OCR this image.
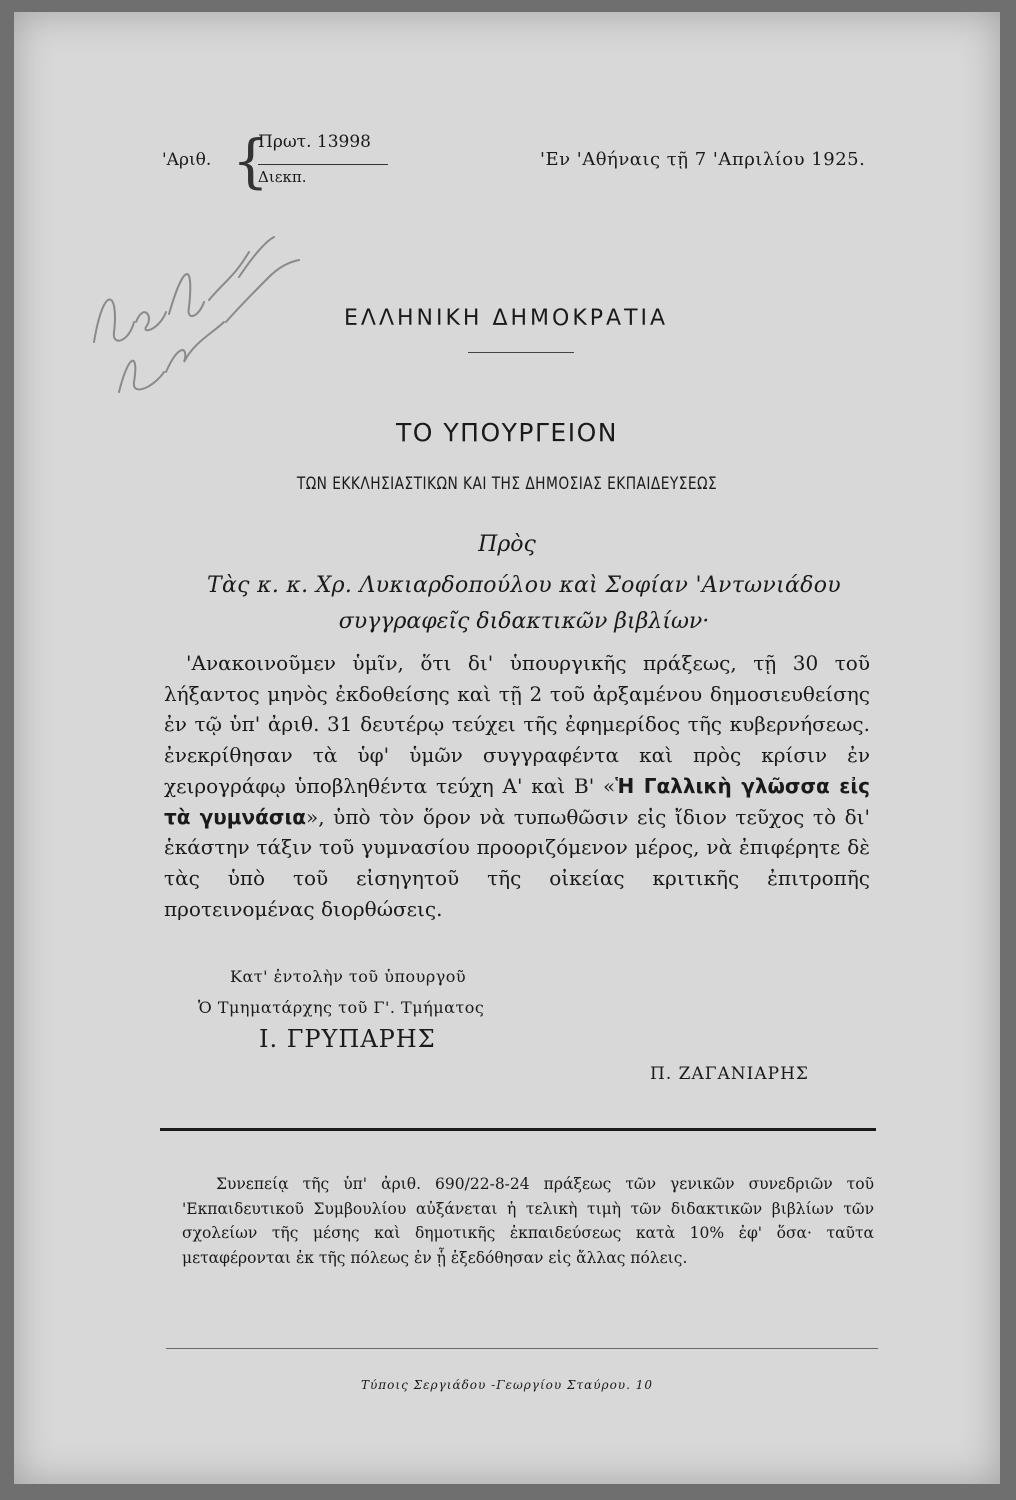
'Αριθ. {
Πρωτ. 13998
Διεκπ.
'Εν 'Αθήναις τῇ 7 'Απριλίου 1925.
ΕΛΛΗΝΙΚΗ ΔΗΜΟΚΡΑΤΙΑ
ΤΟ ΥΠΟΥΡΓΕΙΟΝ
ΤΩΝ ΕΚΚΛΗΣΙΑΣΤΙΚΩΝ ΚΑΙ ΤΗΣ ΔΗΜΟΣΙΑΣ ΕΚΠΑΙΔΕΥΣΕΩΣ
Πρὸς
Τὰς κ. κ. Χρ. Λυκιαρδοπούλου καὶ Σοφίαν 'Αντωνιάδου
συγγραφεῖς διδακτικῶν βιβλίων·

'Ανακοινοῦμεν ὑμῖν, ὅτι δι' ὑπουργικῆς πράξεως, τῇ 30 τοῦ λήξαντος μηνὸς ἐκδοθείσης καὶ τῇ 2 τοῦ ἀρξαμένου δημοσιευθείσης ἐν τῷ ὑπ' ἀριθ. 31 δευτέρῳ τεύχει τῆς ἐφημερίδος τῆς κυβερνήσεως. ἐνεκρίθησαν τὰ ὑφ' ὑμῶν συγγραφέντα καὶ πρὸς κρίσιν ἐν χειρογράφῳ ὑποβληθέντα τεύχη Α' καὶ Β' «Ἡ Γαλλικὴ γλῶσσα εἰς τὰ γυμνάσια», ὑπὸ τὸν ὅρον νὰ τυπωθῶσιν εἰς ἴδιον τεῦχος τὸ δι' ἑκάστην τάξιν τοῦ γυμνασίου προοριζόμενον μέρος, νὰ ἐπιφέρητε δὲ τὰς ὑπὸ τοῦ εἰσηγητοῦ τῆς οἰκείας κριτικῆς ἐπιτροπῆς προτεινομένας διορθώσεις.

Κατ' ἐντολὴν τοῦ ὑπουργοῦ
Ὁ Τμηματάρχης τοῦ Γ'. Τμήματος
Ι. ΓΡΥΠΑΡΗΣ
Π. ΖΑΓΑΝΙΑΡΗΣ

Συνεπείᾳ τῆς ὑπ' ἀριθ. 690/22-8-24 πράξεως τῶν γενικῶν συνεδριῶν τοῦ 'Εκπαιδευτικοῦ Συμβουλίου αὐξάνεται ἡ τελικὴ τιμὴ τῶν διδακτικῶν βιβλίων τῶν σχολείων τῆς μέσης καὶ δημοτικῆς ἐκπαιδεύσεως κατὰ 10% ἐφ' ὅσα· ταῦτα μεταφέρονται ἐκ τῆς πόλεως ἐν ᾗ ἐξεδόθησαν εἰς ἄλλας πόλεις.

Τύποις Σεργιάδου -Γεωργίου Σταύρου. 10
